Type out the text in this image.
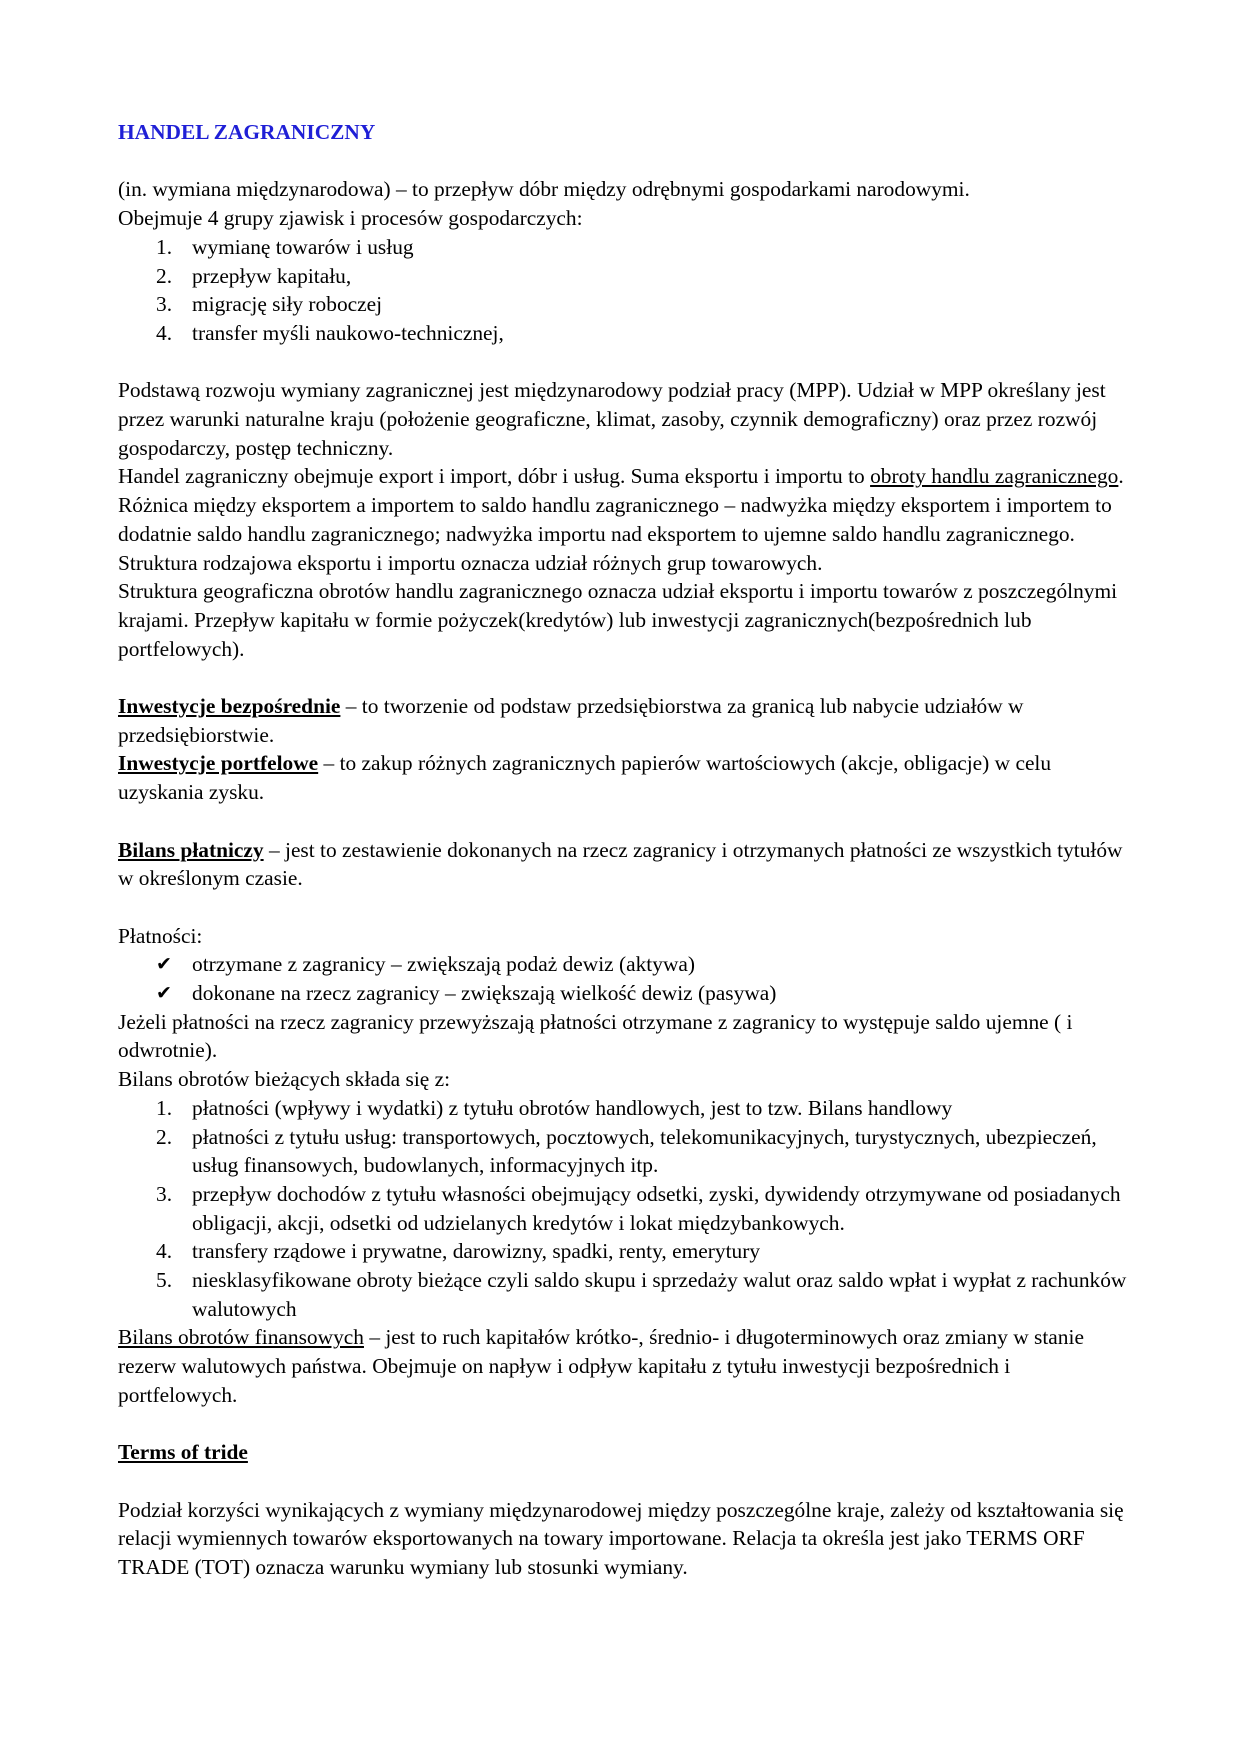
HANDEL ZAGRANICZNY

(in. wymiana międzynarodowa) – to przepływ dóbr między odrębnymi gospodarkami narodowymi.

Obejmuje 4 grupy zjawisk i procesów gospodarczych:

1. wymianę towarów i usług
2. przepływ kapitału,
3. migrację siły roboczej
4. transfer myśli naukowo-technicznej,

Podstawą rozwoju wymiany zagranicznej jest międzynarodowy podział pracy (MPP). Udział w MPP określany jest przez warunki naturalne kraju (położenie geograficzne, klimat, zasoby, czynnik demograficzny) oraz przez rozwój gospodarczy, postęp techniczny.

Handel zagraniczny obejmuje export i import, dóbr i usług. Suma eksportu i importu to obroty handlu zagranicznego. Różnica między eksportem a importem to saldo handlu zagranicznego – nadwyżka między eksportem i importem to dodatnie saldo handlu zagranicznego; nadwyżka importu nad eksportem to ujemne saldo handlu zagranicznego. Struktura rodzajowa eksportu i importu oznacza udział różnych grup towarowych.

Struktura geograficzna obrotów handlu zagranicznego oznacza udział eksportu i importu towarów z poszczególnymi krajami. Przepływ kapitału w formie pożyczek(kredytów) lub inwestycji zagranicznych(bezpośrednich lub portfelowych).

Inwestycje bezpośrednie – to tworzenie od podstaw przedsiębiorstwa za granicą lub nabycie udziałów w przedsiębiorstwie.

Inwestycje portfelowe – to zakup różnych zagranicznych papierów wartościowych (akcje, obligacje) w celu uzyskania zysku.

Bilans płatniczy – jest to zestawienie dokonanych na rzecz zagranicy i otrzymanych płatności ze wszystkich tytułów w określonym czasie.

Płatności:

✔ otrzymane z zagranicy – zwiększają podaż dewiz (aktywa)
✔ dokonane na rzecz zagranicy – zwiększają wielkość dewiz (pasywa)

Jeżeli płatności na rzecz zagranicy przewyższają płatności otrzymane z zagranicy to występuje saldo ujemne ( i odwrotnie).

Bilans obrotów bieżących składa się z:

1. płatności (wpływy i wydatki) z tytułu obrotów handlowych, jest to tzw. Bilans handlowy
2. płatności z tytułu usług: transportowych, pocztowych, telekomunikacyjnych, turystycznych, ubezpieczeń, usług finansowych, budowlanych, informacyjnych itp.
3. przepływ dochodów z tytułu własności obejmujący odsetki, zyski, dywidendy otrzymywane od posiadanych obligacji, akcji, odsetki od udzielanych kredytów i lokat międzybankowych.
4. transfery rządowe i prywatne, darowizny, spadki, renty, emerytury
5. niesklasyfikowane obroty bieżące czyli saldo skupu i sprzedaży walut oraz saldo wpłat i wypłat z rachunków walutowych

Bilans obrotów finansowych – jest to ruch kapitałów krótko-, średnio- i długoterminowych oraz zmiany w stanie rezerw walutowych państwa. Obejmuje on napływ i odpływ kapitału z tytułu inwestycji bezpośrednich i portfelowych.

Terms of tride

Podział korzyści wynikających z wymiany międzynarodowej między poszczególne kraje, zależy od kształtowania się relacji wymiennych towarów eksportowanych na towary importowane. Relacja ta określa jest jako TERMS ORF TRADE (TOT) oznacza warunku wymiany lub stosunki wymiany.
